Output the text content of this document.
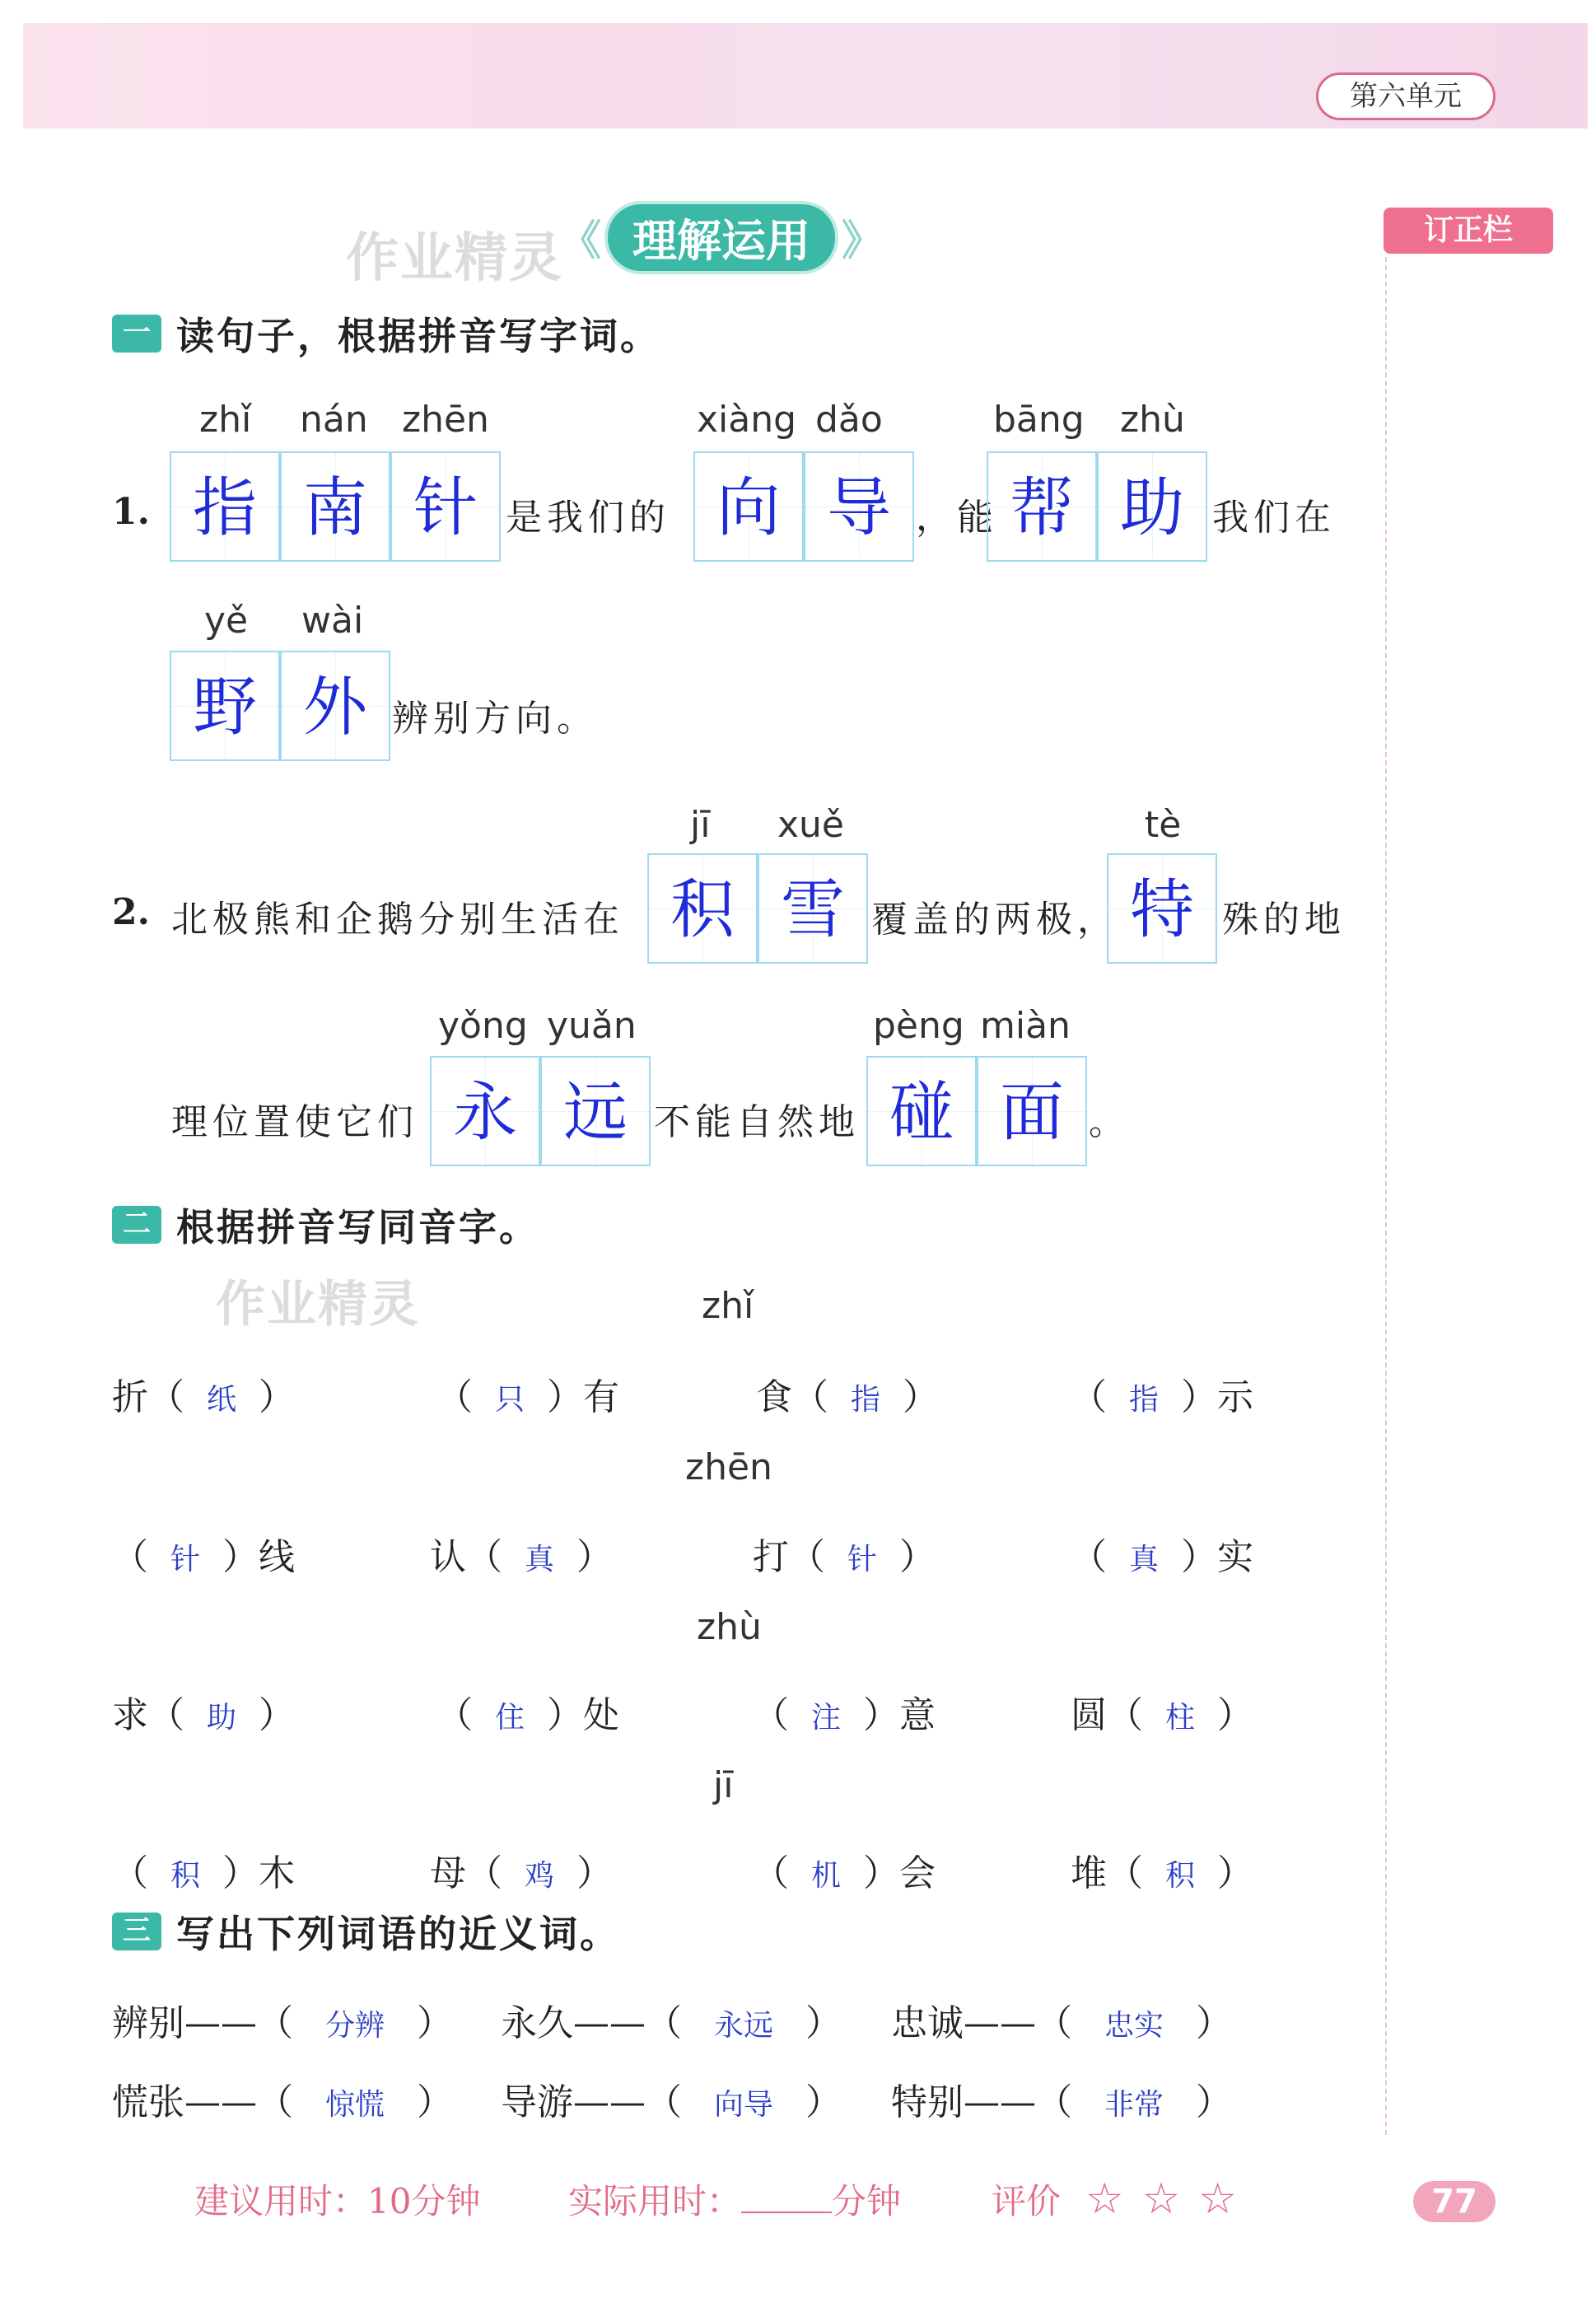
第六单元
作业精灵
《 理解运用 》	订正栏
一 读句子，根据拼音写字词。
zhǐ nán zhēn	xiàng dǎo	bāng zhù
1. 指 南 针 是我们的 向 导 ，能 帮 助 我们在
yě wài
野 外 辨别方向。
jī xuě	tè
2. 北极熊和企鹅分别生活在 积 雪 覆盖的两极， 特 殊的地
yǒng yuǎn	pèng miàn
理位置使它们 永 远 不能自然地 碰 面 。
二 根据拼音写同音字。
作业精灵	zhǐ
折（ 纸 ）	（ 只 ）有	食（ 指 ）	（ 指 ）示
zhēn
（ 针 ）线	认（ 真 ）	打（ 针 ）	（ 真 ）实
zhù
求（ 助 ）	（ 住 ）处	（ 注 ）意	圆（ 柱 ）
jī
（ 积 ）木	母（ 鸡 ）	（ 机 ）会	堆（ 积 ）
三 写出下列词语的近义词。
辨别——（ 分辨 ） 永久——（ 永远 ） 忠诚——（ 忠实 ）
慌张——（ 惊慌 ） 导游——（ 向导 ） 特别——（ 非常 ）
建议用时：10分钟	实际用时：	分钟	评价 ☆ ☆ ☆	77
